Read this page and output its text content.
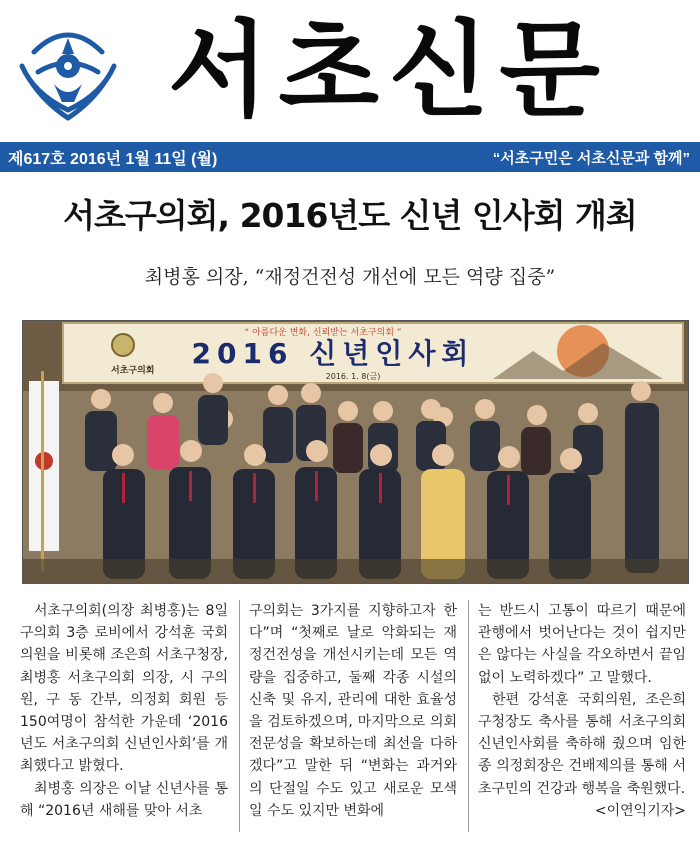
서초신문
제617호 2016년 1월 11일 (월)	“서초구민은 서초신문과 함께”
서초구의회, 2016년도 신년 인사회 개최
최병홍 의장, “재정건전성 개선에 모든 역량 집중”
서초구의회
“ 아름다운 변화, 신뢰받는 서초구의회 ”
2016 신년인사회
2016. 1. 8(금)

서초구의회(의장 최병홍)는 8일 구의회 3층 로비에서 강석훈 국회의원을 비롯해 조은희 서초구청장, 최병홍 서초구의회 의장, 시 구의원, 구 동 간부, 의정회 회원 등 150여명이 참석한 가운데 ‘2016년도 서초구의회 신년인사회’를 개최했다고 밝혔다.

최병홍 의장은 이날 신년사를 통해 “2016년 새해를 맞아 서초

구의회는 3가지를 지향하고자 한다”며 “첫째로 날로 악화되는 재정건전성을 개선시키는데 모든 역량을 집중하고, 둘째 각종 시설의 신축 및 유지, 관리에 대한 효율성을 검토하겠으며, 마지막으로 의회 전문성을 확보하는데 최선을 다하겠다”고 말한 뒤 “변화는 과거와의 단절일 수도 있고 새로운 모색일 수도 있지만 변화에

는 반드시 고통이 따르기 때문에 관행에서 벗어난다는 것이 쉽지만은 않다는 사실을 각오하면서 끝임 없이 노력하겠다” 고 말했다.

한편 강석훈 국회의원, 조은희 구청장도 축사를 통해 서초구의회 신년인사회를 축하해 줬으며 임한종 의정회장은 건배제의를 통해 서초구민의 건강과 행복을 축원했다.

<이연익기자>
